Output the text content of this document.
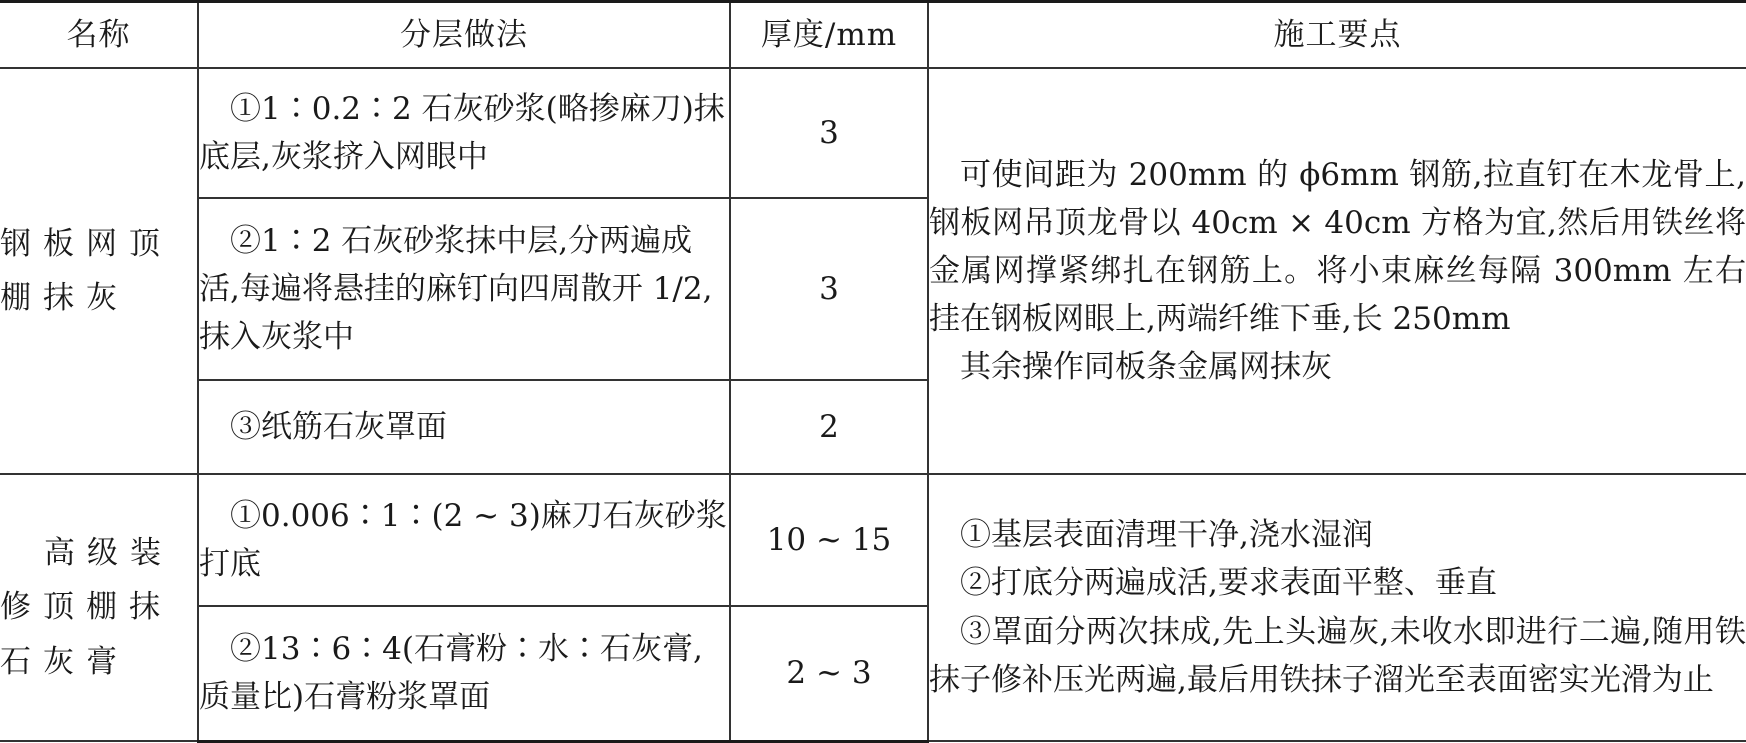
名称	分层做法	厚度/mm	施工要点
钢板网顶棚抹灰	①1∶0.2∶2 石灰砂浆(略掺麻刀)抹底层,灰浆挤入网眼中	3	可使间距为 200mm 的 ϕ6mm 钢筋,拉直钉在木龙骨上,钢板网吊顶龙骨以 40cm × 40cm 方格为宜,然后用铁丝将金属网撑紧绑扎在钢筋上。将小束麻丝每隔 300mm 左右挂在钢板网眼上,两端纤维下垂,长 250mm

其余操作同板条金属网抹灰

	②1∶2 石灰砂浆抹中层,分两遍成活,每遍将悬挂的麻钉向四周散开 1/2,抹入灰浆中	3	
	③纸筋石灰罩面	2	
高级装修顶棚抹石灰膏	①0.006∶1∶(2 ~ 3)麻刀石灰砂浆打底	10 ~ 15	①基层表面清理干净,浇水湿润

②打底分两遍成活,要求表面平整、垂直

③罩面分两次抹成,先上头遍灰,未收水即进行二遍,随用铁抹子修补压光两遍,最后用铁抹子溜光至表面密实光滑为止

	②13∶6∶4(石膏粉∶水∶石灰膏,质量比)石膏粉浆罩面	2 ~ 3	
